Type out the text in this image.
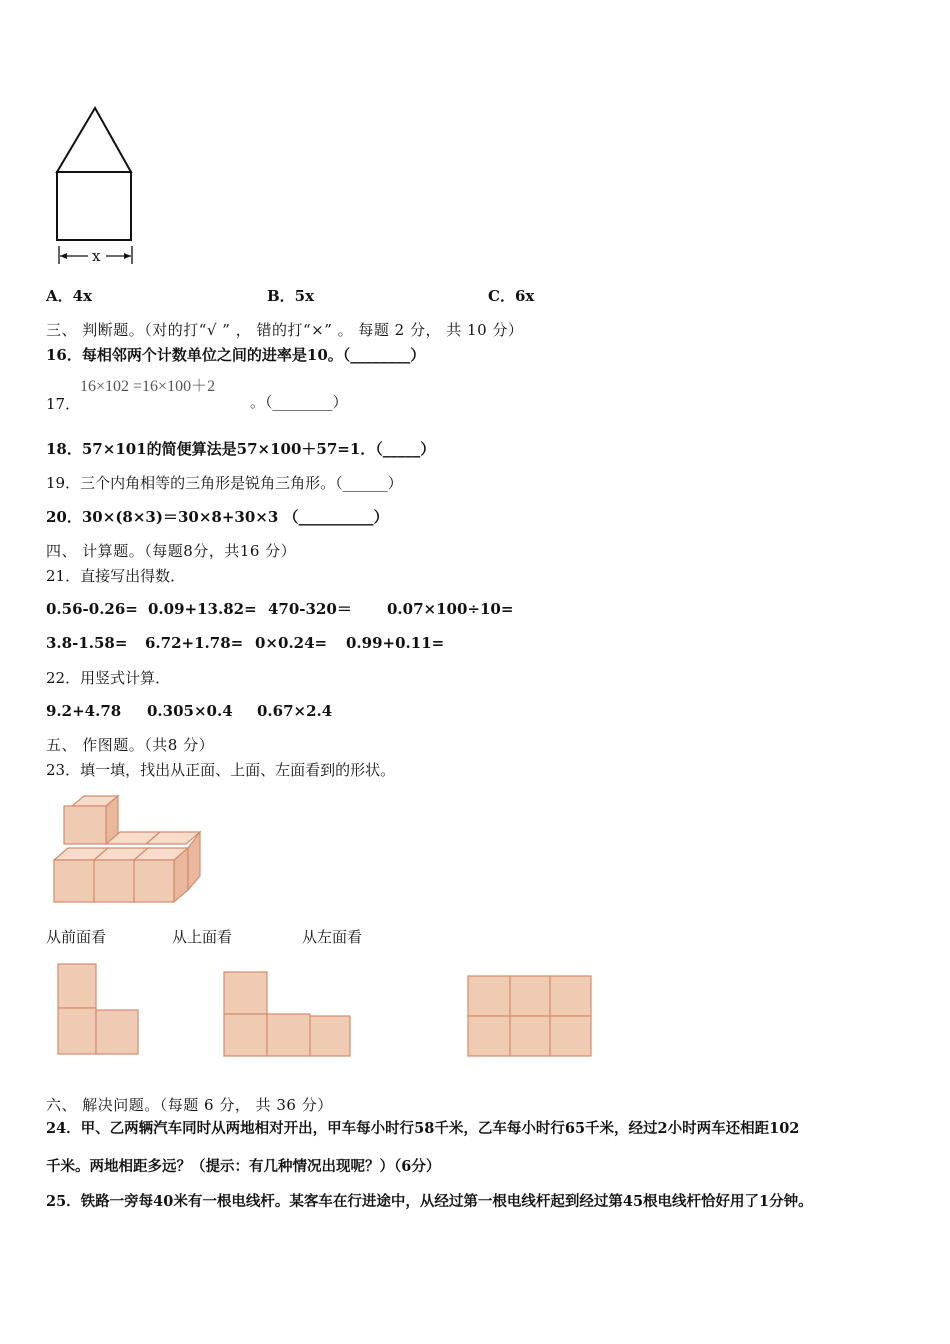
x
A．4x	B．5x	C．6x
三、 判断题。（对的打“√ ” ， 错的打“×” 。 每题 2 分， 共 10 分）
16．每相邻两个计数单位之间的进率是10。（________）
17．
16×102 =16×100＋2
。（________）
18．57×101的简便算法是57×100＋57=1．（_____）
19．三个内角相等的三角形是锐角三角形。（______）
20．30×(8×3)＝30×8+30×3 （__________）
四、 计算题。（每题8分，共16 分）
21．直接写出得数．
0.56-0.26= 0.09+13.82= 470-320＝ 0.07×100÷10=
3.8-1.58= 6.72+1.78= 0×0.24= 0.99+0.11=
22．用竖式计算．
9.2+4.78 0.305×0.4 0.67×2.4
五、 作图题。（共8 分）
23．填一填，找出从正面、上面、左面看到的形状。
从前面看	从上面看	从左面看
六、 解决问题。（每题 6 分， 共 36 分）
24．甲、乙两辆汽车同时从两地相对开出，甲车每小时行58千米，乙车每小时行65千米，经过2小时两车还相距102
千米。两地相距多远？（提示：有几种情况出现呢？）（6分）
25．铁路一旁每40米有一根电线杆。某客车在行进途中，从经过第一根电线杆起到经过第45根电线杆恰好用了1分钟。
